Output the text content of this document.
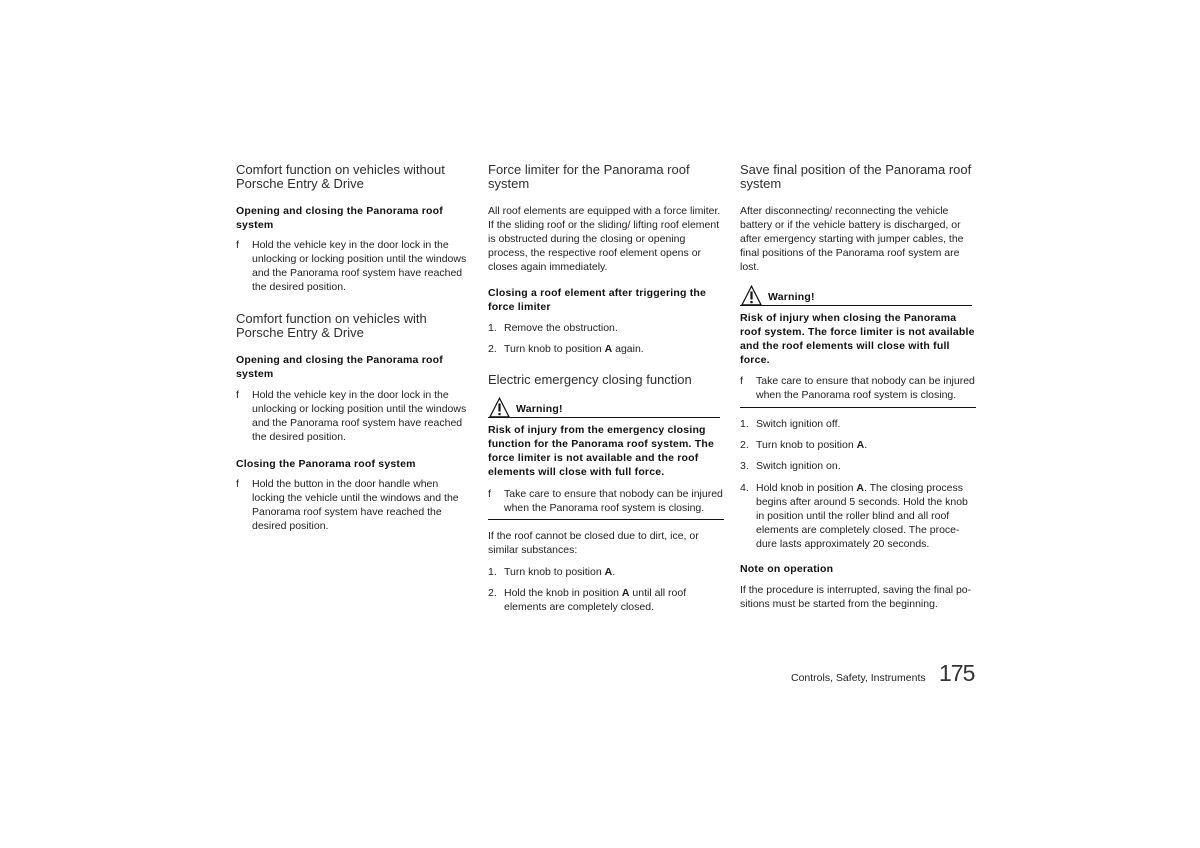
Comfort function on vehicles without
Porsche Entry & Drive
Opening and closing the Panorama roof
system
f	Hold the vehicle key in the door lock in the
unlocking or locking position until the windows
and the Panorama roof system have reached
the desired position.
Comfort function on vehicles with
Porsche Entry & Drive
Opening and closing the Panorama roof
system
f	Hold the vehicle key in the door lock in the
unlocking or locking position until the windows
and the Panorama roof system have reached
the desired position.
Closing the Panorama roof system
f	Hold the button in the door handle when
locking the vehicle until the windows and the
Panorama roof system have reached the
desired position.
Force limiter for the Panorama roof
system
All roof elements are equipped with a force limiter.
If the sliding roof or the sliding/ lifting roof element
is obstructed during the closing or opening
process, the respective roof element opens or
closes again immediately.
Closing a roof element after triggering the
force limiter
1. Remove the obstruction.
2. Turn knob to position A again.
Electric emergency closing function
Warning!
Risk of injury from the emergency closing
function for the Panorama roof system. The
force limiter is not available and the roof
elements will close with full force.
f	Take care to ensure that nobody can be injured
when the Panorama roof system is closing.
If the roof cannot be closed due to dirt, ice, or
similar substances:
1. Turn knob to position A.
2. Hold the knob in position A until all roof
elements are completely closed.
Save final position of the Panorama roof
system
After disconnecting/ reconnecting the vehicle
battery or if the vehicle battery is discharged, or
after emergency starting with jumper cables, the
final positions of the Panorama roof system are
lost.
Warning!
Risk of injury when closing the Panorama
roof system. The force limiter is not available
and the roof elements will close with full
force.
f	Take care to ensure that nobody can be injured
when the Panorama roof system is closing.
1. Switch ignition off.
2. Turn knob to position A.
3. Switch ignition on.
4. Hold knob in position A. The closing process
begins after around 5 seconds. Hold the knob
in position until the roller blind and all roof
elements are completely closed. The proce-
dure lasts approximately 20 seconds.
Note on operation
If the procedure is interrupted, saving the final po-
sitions must be started from the beginning.
Controls, Safety, Instruments 175
